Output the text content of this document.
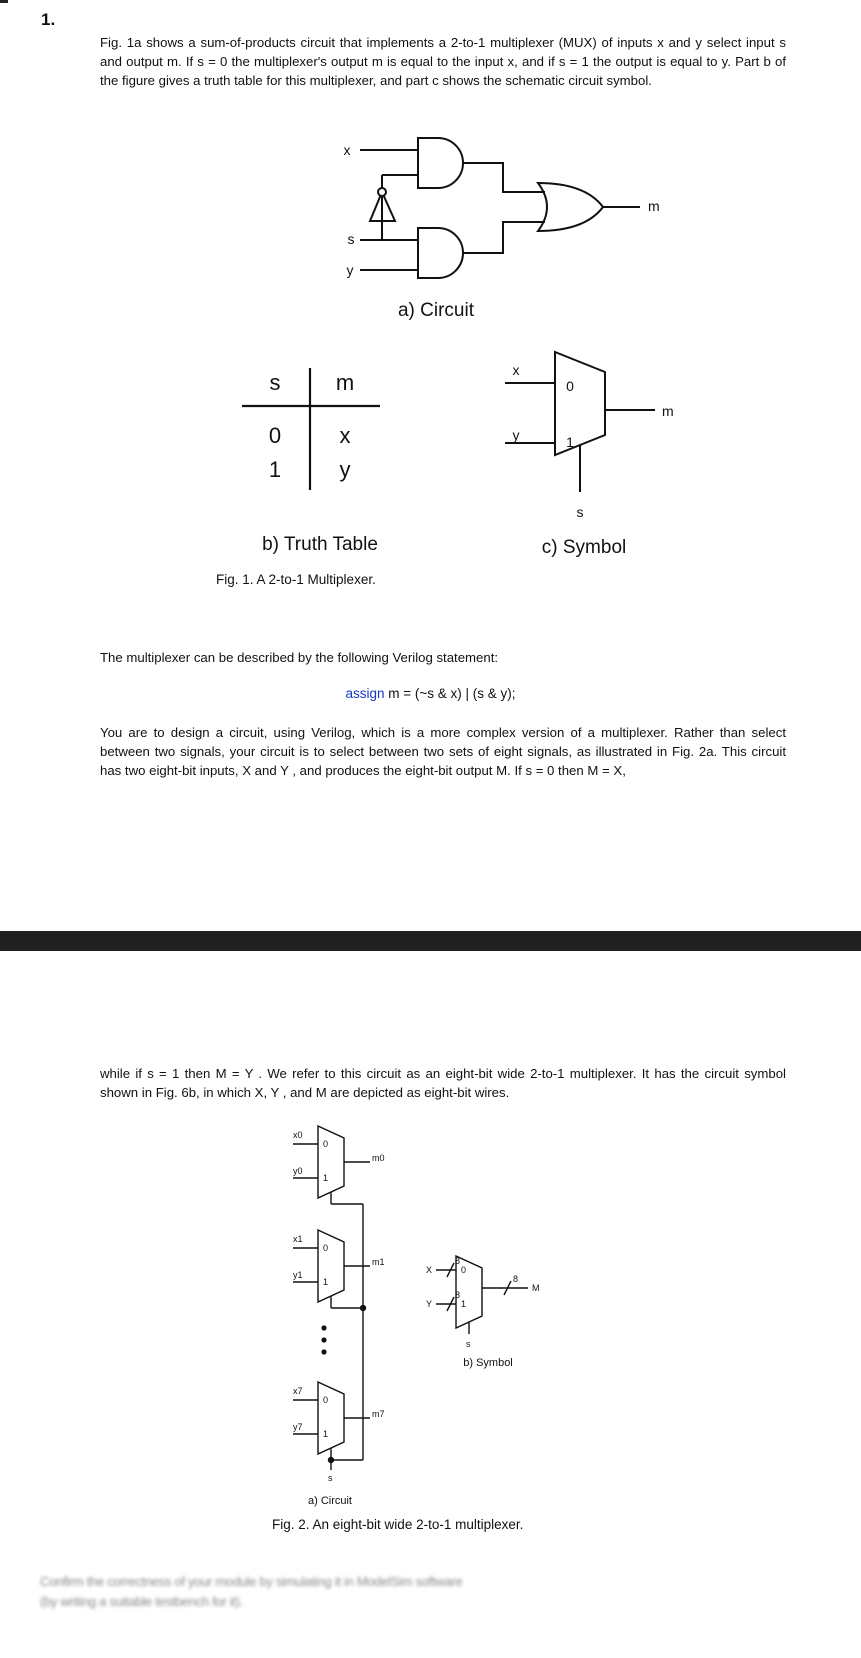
1.
Fig. 1a shows a sum-of-products circuit that implements a 2-to-1 multiplexer (MUX) of inputs x and y select input s and output m. If s = 0 the multiplexer's output m is equal to the input x, and if s = 1 the output is equal to y. Part b of the figure gives a truth table for this multiplexer, and part c shows the schematic circuit symbol.
x
s
y
m
a) Circuit
s	m
0	x
1	y
b) Truth Table
Fig. 1. A 2-to-1 Multiplexer.
x
y
0
1
m
s
c) Symbol
The multiplexer can be described by the following Verilog statement:
assign m = (~s & x) | (s & y);
You are to design a circuit, using Verilog, which is a more complex version of a multiplexer. Rather than select between two signals, your circuit is to select between two sets of eight signals, as illustrated in Fig. 2a. This circuit has two eight-bit inputs, X and Y , and produces the eight-bit output M. If s = 0 then M = X,
while if s = 1 then M = Y . We refer to this circuit as an eight-bit wide 2-to-1 multiplexer. It has the circuit symbol shown in Fig. 6b, in which X, Y , and M are depicted as eight-bit wires.
x0
y0
m0
0
1
x1
y1
m1
0
1
x7
y7
m7
0
1
s
a) Circuit
X
Y
M
8
8
8
0
1
s
b) Symbol
Fig. 2. An eight-bit wide 2-to-1 multiplexer.
Confirm the correctness of your module by simulating it in ModelSim software
(by writing a suitable testbench for it).
